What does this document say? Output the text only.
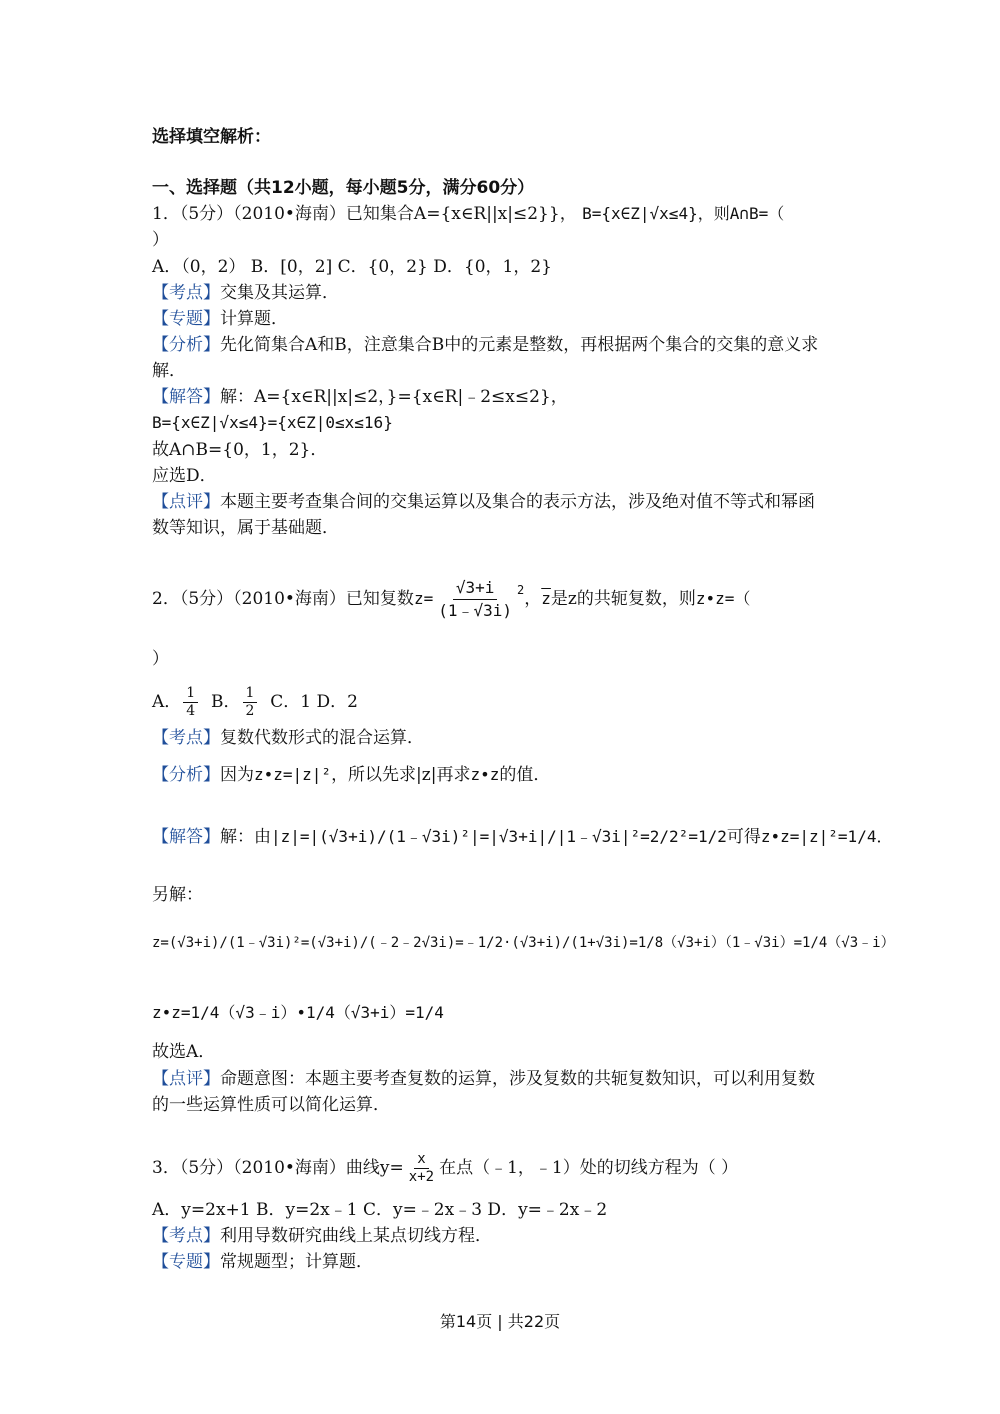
选择填空解析：
一、选择题（共12小题，每小题5分，满分60分）
1．（5分）（2010•海南）已知集合A={x∈R||x|≤2}}， B={x∈Z|√x≤4}，则A∩B=（
）
A．（0，2） B．[0，2] C．{0，2} D．{0，1，2}
【考点】交集及其运算．
【专题】计算题．
【分析】先化简集合A和B，注意集合B中的元素是整数，再根据两个集合的交集的意义求
解．
【解答】解：A={x∈R||x|≤2，}={x∈R|﹣2≤x≤2}，
B={x∈Z|√x≤4}={x∈Z|0≤x≤16}
故A∩B={0，1，2}．
应选D．
【点评】本题主要考查集合间的交集运算以及集合的表示方法，涉及绝对值不等式和幂函
数等知识，属于基础题．
2．（5分）（2010•海南）已知复数$z= \frac{√3+i}{(1﹣√3i)} ^2$，$\overline{z}$是z的共轭复数，则z•z=（
）
A． $\frac{1}{4}$ B． $\frac{1}{2}$ C．1 D．2
【考点】复数代数形式的混合运算．
【分析】因为z•z=|z|²，所以先求|z|再求z•z的值．
【解答】解：由|z|=|(√3+i)/(1﹣√3i)²|=|√3+i|/|1﹣√3i|²=2/2²=1/2可得z•z=|z|²=1/4．
另解：
z=(√3+i)/(1﹣√3i)²=(√3+i)/(﹣2﹣2√3i)=﹣1/2·(√3+i)/(1+√3i)=1/8（√3+i）（1﹣√3i）=1/4（√3﹣i）
z•z=1/4（√3﹣i）•1/4（√3+i）=1/4
故选A．
【点评】命题意图：本题主要考查复数的运算，涉及复数的共轭复数知识，可以利用复数
的一些运算性质可以简化运算．
3．（5分）（2010•海南）曲线$y= \frac{x}{x+2}$ 在点（﹣1，﹣1）处的切线方程为（ ）
A．y=2x+1 B．y=2x﹣1 C．y=﹣2x﹣3 D．y=﹣2x﹣2
【考点】利用导数研究曲线上某点切线方程．
【专题】常规题型；计算题．
第14页 | 共22页
